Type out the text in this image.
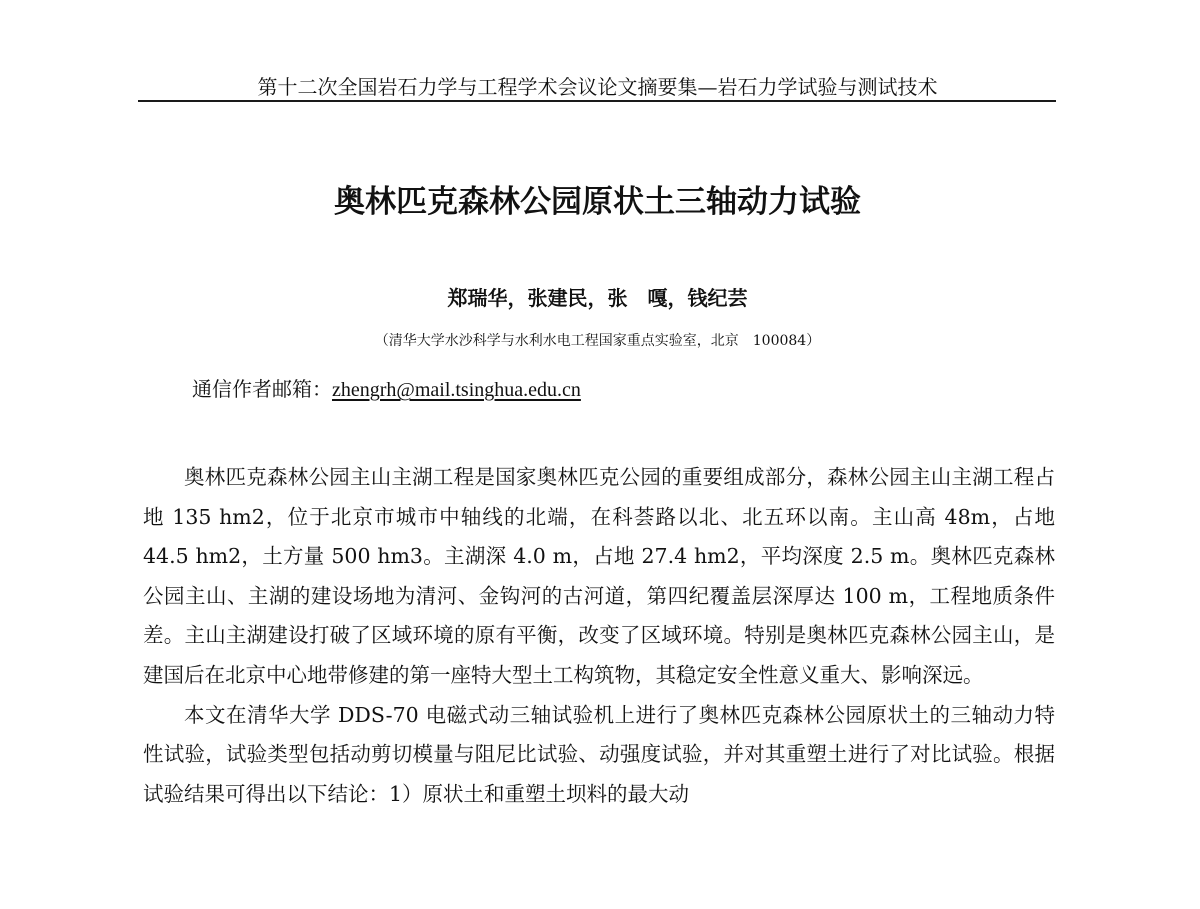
第十二次全国岩石力学与工程学术会议论文摘要集—岩石力学试验与测试技术
奥林匹克森林公园原状土三轴动力试验
郑瑞华，张建民，张　嘎，钱纪芸
（清华大学水沙科学与水利水电工程国家重点实验室，北京　100084）
通信作者邮箱：zhengrh@mail.tsinghua.edu.cn

奥林匹克森林公园主山主湖工程是国家奥林匹克公园的重要组成部分，森林公园主山主湖工程占地 135 hm2，位于北京市城市中轴线的北端，在科荟路以北、北五环以南。主山高 48m，占地 44.5 hm2，土方量 500 hm3。主湖深 4.0 m，占地 27.4 hm2，平均深度 2.5 m。奥林匹克森林公园主山、主湖的建设场地为清河、金钩河的古河道，第四纪覆盖层深厚达 100 m，工程地质条件差。主山主湖建设打破了区域环境的原有平衡，改变了区域环境。特别是奥林匹克森林公园主山，是建国后在北京中心地带修建的第一座特大型土工构筑物，其稳定安全性意义重大、影响深远。

本文在清华大学 DDS-70 电磁式动三轴试验机上进行了奥林匹克森林公园原状土的三轴动力特性试验，试验类型包括动剪切模量与阻尼比试验、动强度试验，并对其重塑土进行了对比试验。根据试验结果可得出以下结论：1）原状土和重塑土坝料的最大动
